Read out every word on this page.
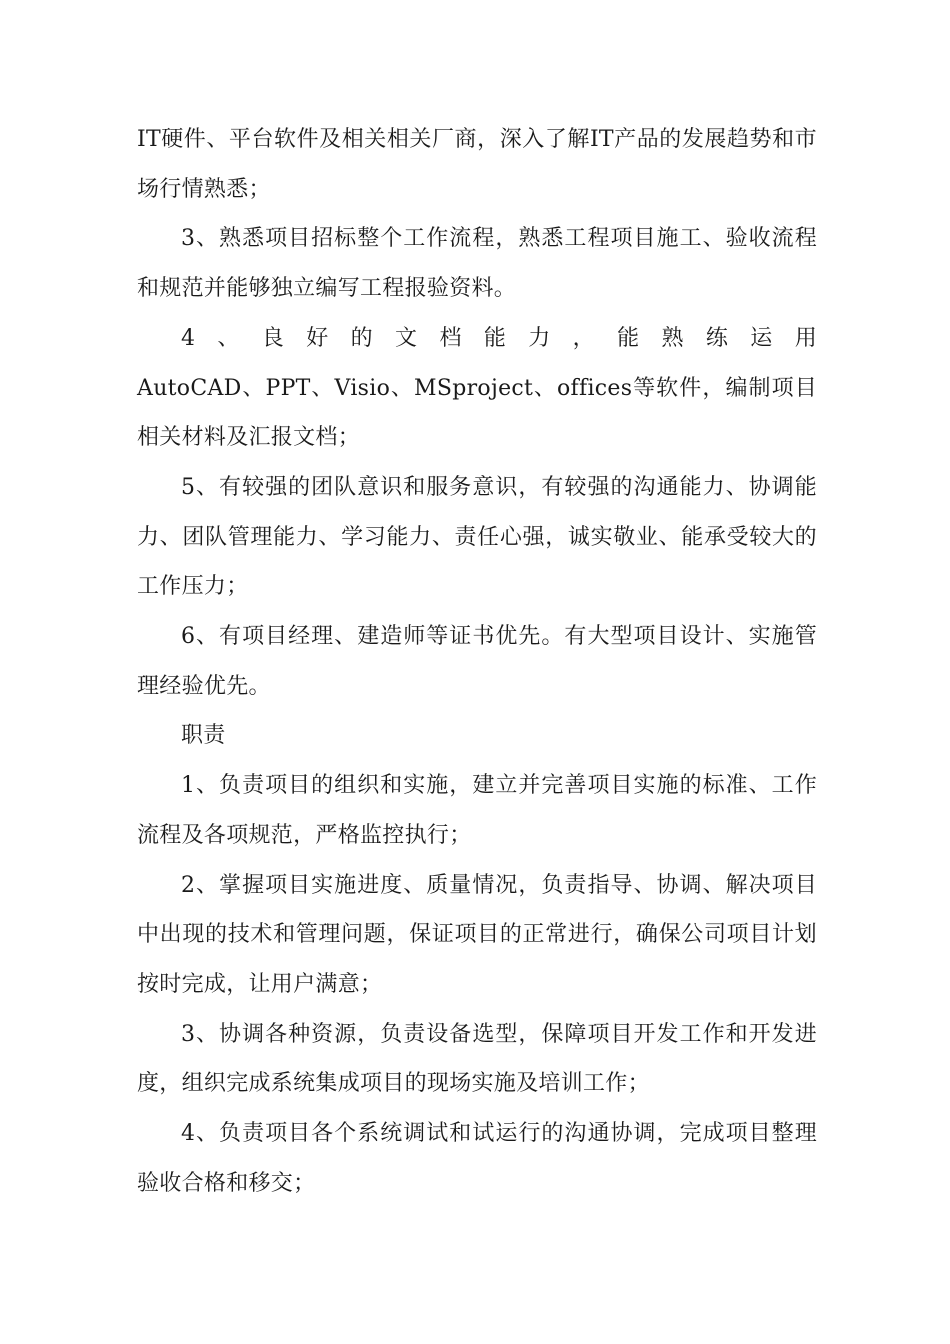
IT硬件、平台软件及相关相关厂商，深入了解IT产品的发展趋势和市场行情熟悉；

3、熟悉项目招标整个工作流程，熟悉工程项目施工、验收流程和规范并能够独立编写工程报验资料。

4、良好的文档能力，能熟练运用

AutoCAD、PPT、Visio、MSproject、offices等软件，编制项目相关材料及汇报文档；

5、有较强的团队意识和服务意识，有较强的沟通能力、协调能力、团队管理能力、学习能力、责任心强，诚实敬业、能承受较大的工作压力；

6、有项目经理、建造师等证书优先。有大型项目设计、实施管理经验优先。

职责

1、负责项目的组织和实施，建立并完善项目实施的标准、工作流程及各项规范，严格监控执行；

2、掌握项目实施进度、质量情况，负责指导、协调、解决项目中出现的技术和管理问题，保证项目的正常进行，确保公司项目计划按时完成，让用户满意；

3、协调各种资源，负责设备选型，保障项目开发工作和开发进度，组织完成系统集成项目的现场实施及培训工作；

4、负责项目各个系统调试和试运行的沟通协调，完成项目整理验收合格和移交；
